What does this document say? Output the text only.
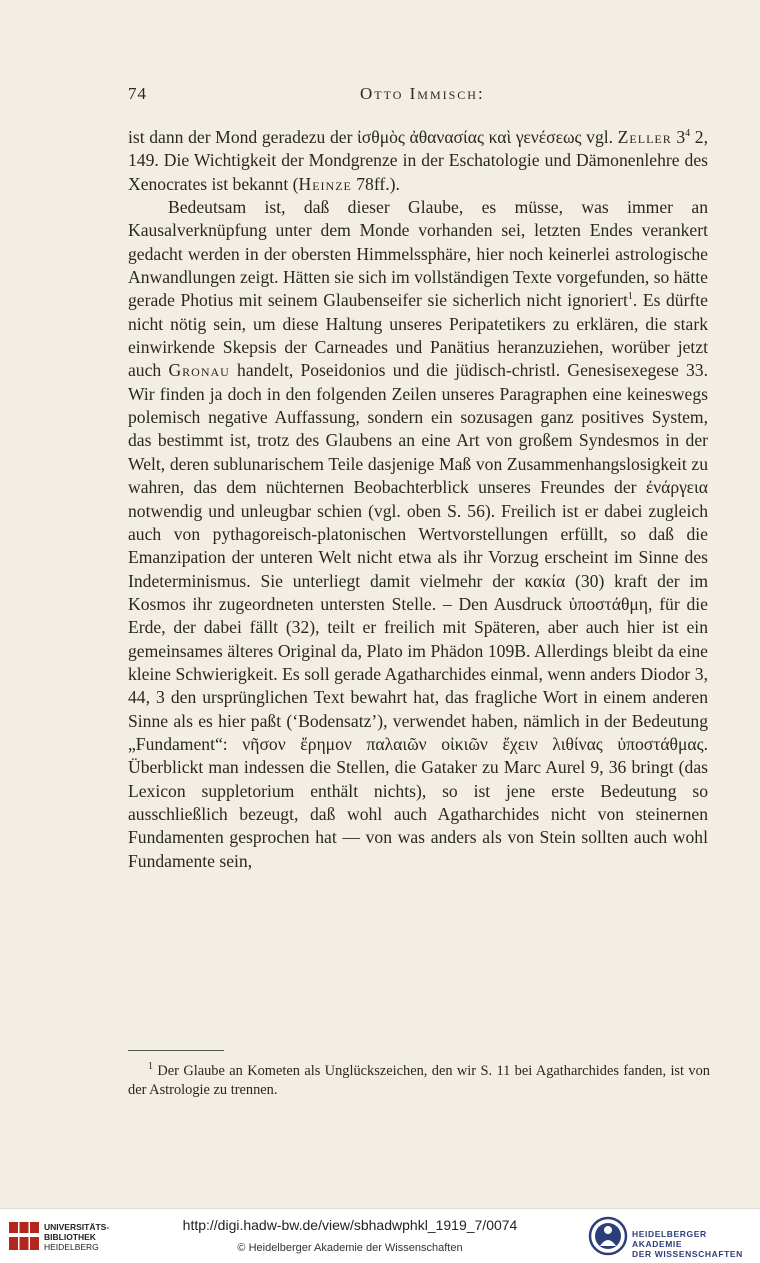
74	Otto Immisch:

ist dann der Mond geradezu der ἰσθμὸς ἀθανασίας καὶ γενέσεως vgl. Zeller $3^4$ 2, 149. Die Wichtigkeit der Mondgrenze in der Eschatologie und Dämonenlehre des Xenocrates ist bekannt (Heinze 78ff.).

Bedeutsam ist, daß dieser Glaube, es müsse, was immer an Kausalverknüpfung unter dem Monde vorhanden sei, letzten Endes verankert gedacht werden in der obersten Himmelssphäre, hier noch keinerlei astrologische Anwandlungen zeigt. Hätten sie sich im vollständigen Texte vorgefunden, so hätte gerade Photius mit seinem Glaubenseifer sie sicherlich nicht ignoriert$^1$. Es dürfte nicht nötig sein, um diese Haltung unseres Peripatetikers zu erklären, die stark einwirkende Skepsis der Carneades und Panätius heranzuziehen, worüber jetzt auch Gronau handelt, Poseidonios und die jüdisch-christl. Genesisexegese 33. Wir finden ja doch in den folgenden Zeilen unseres Paragraphen eine keineswegs polemisch negative Auffassung, sondern ein sozusagen ganz positives System, das bestimmt ist, trotz des Glaubens an eine Art von großem Syndesmos in der Welt, deren sublunarischem Teile dasjenige Maß von Zusammenhangslosigkeit zu wahren, das dem nüchternen Beobachterblick unseres Freundes der ἐνάργεια notwendig und unleugbar schien (vgl. oben S. 56). Freilich ist er dabei zugleich auch von pythagoreisch-platonischen Wertvorstellungen erfüllt, so daß die Emanzipation der unteren Welt nicht etwa als ihr Vorzug erscheint im Sinne des Indeterminismus. Sie unterliegt damit vielmehr der κακία (30) kraft der im Kosmos ihr zugeordneten untersten Stelle. – Den Ausdruck ὑποστάθμη, für die Erde, der dabei fällt (32), teilt er freilich mit Späteren, aber auch hier ist ein gemeinsames älteres Original da, Plato im Phädon 109B. Allerdings bleibt da eine kleine Schwierigkeit. Es soll gerade Agatharchides einmal, wenn anders Diodor 3, 44, 3 den ursprünglichen Text bewahrt hat, das fragliche Wort in einem anderen Sinne als es hier paßt (‘Bodensatz’), verwendet haben, nämlich in der Bedeutung „Fundament“: νῆσον ἔρημον παλαιῶν οἰκιῶν ἔχειν λιθίνας ὑποστάθμας. Überblickt man indessen die Stellen, die Gataker zu Marc Aurel 9, 36 bringt (das Lexicon suppletorium enthält nichts), so ist jene erste Bedeutung so ausschließlich bezeugt, daß wohl auch Agatharchides nicht von steinernen Fundamenten gesprochen hat — von was anders als von Stein sollten auch wohl Fundamente sein,

$^1$ Der Glaube an Kometen als Unglückszeichen, den wir S. 11 bei Agatharchides fanden, ist von der Astrologie zu trennen.
UNIVERSITÄTS-
BIBLIOTHEK
HEIDELBERG
http://digi.hadw-bw.de/view/sbhadwphkl_1919_7/0074
© Heidelberger Akademie der Wissenschaften
HEIDELBERGER AKADEMIE
DER WISSENSCHAFTEN
